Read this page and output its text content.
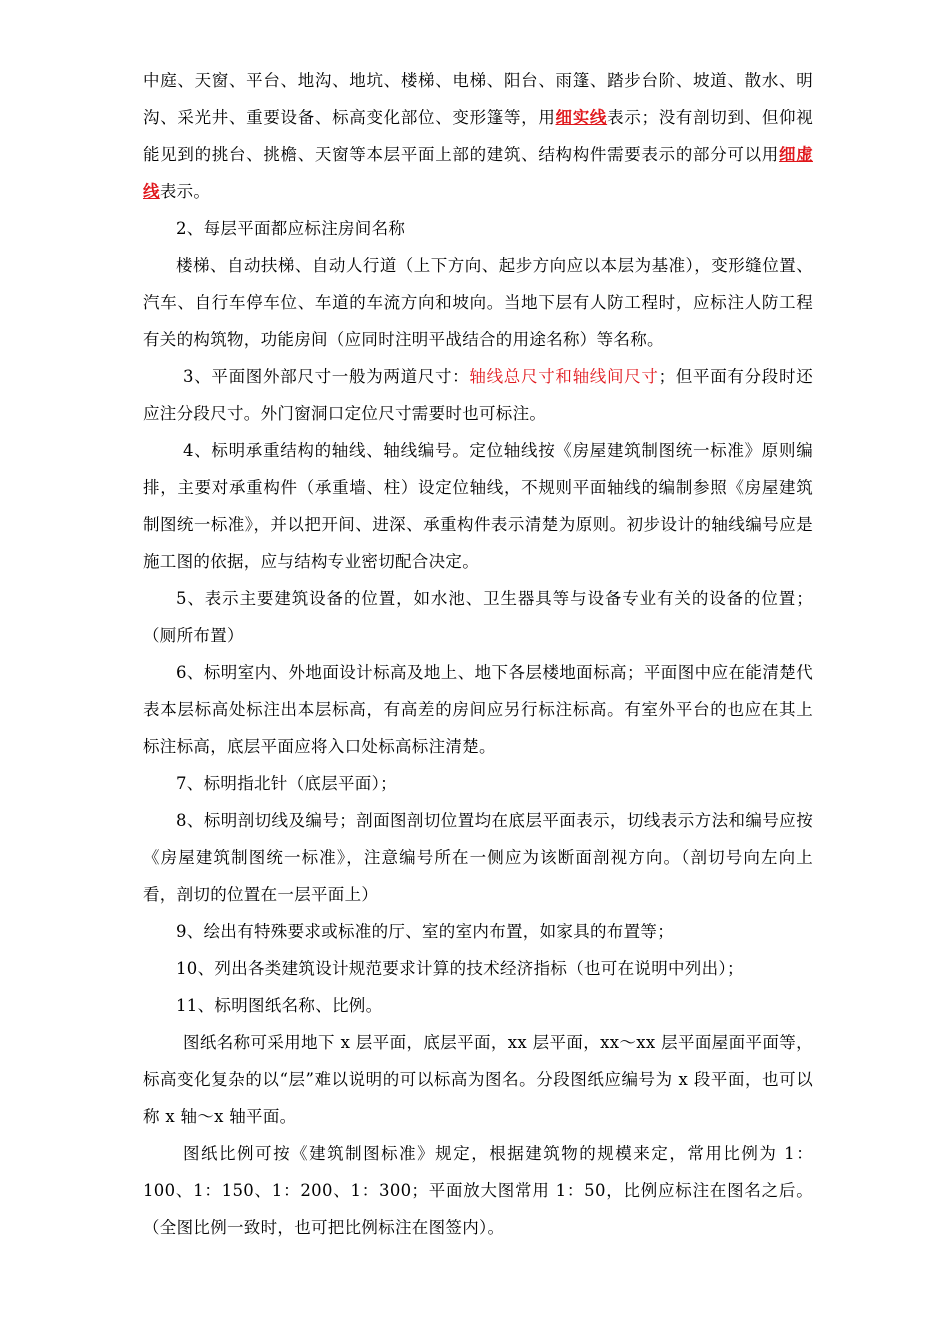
中庭、天窗、平台、地沟、地坑、楼梯、电梯、阳台、雨篷、踏步台阶、坡道、散水、明沟、采光井、重要设备、标高变化部位、变形篷等，用细实线表示；没有剖切到、但仰视能见到的挑台、挑檐、天窗等本层平面上部的建筑、结构构件需要表示的部分可以用细虚线表示。

2、每层平面都应标注房间名称

楼梯、自动扶梯、自动人行道（上下方向、起步方向应以本层为基准），变形缝位置、汽车、自行车停车位、车道的车流方向和坡向。当地下层有人防工程时，应标注人防工程有关的构筑物，功能房间（应同时注明平战结合的用途名称）等名称。

3、平面图外部尺寸一般为两道尺寸：轴线总尺寸和轴线间尺寸；但平面有分段时还应注分段尺寸。外门窗洞口定位尺寸需要时也可标注。

4、标明承重结构的轴线、轴线编号。定位轴线按《房屋建筑制图统一标准》原则编排，主要对承重构件（承重墙、柱）设定位轴线，不规则平面轴线的编制参照《房屋建筑制图统一标准》，并以把开间、进深、承重构件表示清楚为原则。初步设计的轴线编号应是施工图的依据，应与结构专业密切配合决定。

5、表示主要建筑设备的位置，如水池、卫生器具等与设备专业有关的设备的位置；（厕所布置）

6、标明室内、外地面设计标高及地上、地下各层楼地面标高；平面图中应在能清楚代表本层标高处标注出本层标高，有高差的房间应另行标注标高。有室外平台的也应在其上标注标高，底层平面应将入口处标高标注清楚。

7、标明指北针（底层平面）；

8、标明剖切线及编号；剖面图剖切位置均在底层平面表示，切线表示方法和编号应按《房屋建筑制图统一标准》，注意编号所在一侧应为该断面剖视方向。（剖切号向左向上看，剖切的位置在一层平面上）

9、绘出有特殊要求或标准的厅、室的室内布置，如家具的布置等；

10、列出各类建筑设计规范要求计算的技术经济指标（也可在说明中列出）；

11、标明图纸名称、比例。

图纸名称可采用地下 x 层平面，底层平面，xx 层平面，xx～xx 层平面屋面平面等，标高变化复杂的以“层”难以说明的可以标高为图名。分段图纸应编号为 x 段平面，也可以称 x 轴～x 轴平面。

图纸比例可按《建筑制图标准》规定，根据建筑物的规模来定，常用比例为 1：100、1：150、1：200、1：300；平面放大图常用 1：50，比例应标注在图名之后。（全图比例一致时，也可把比例标注在图签内）。
